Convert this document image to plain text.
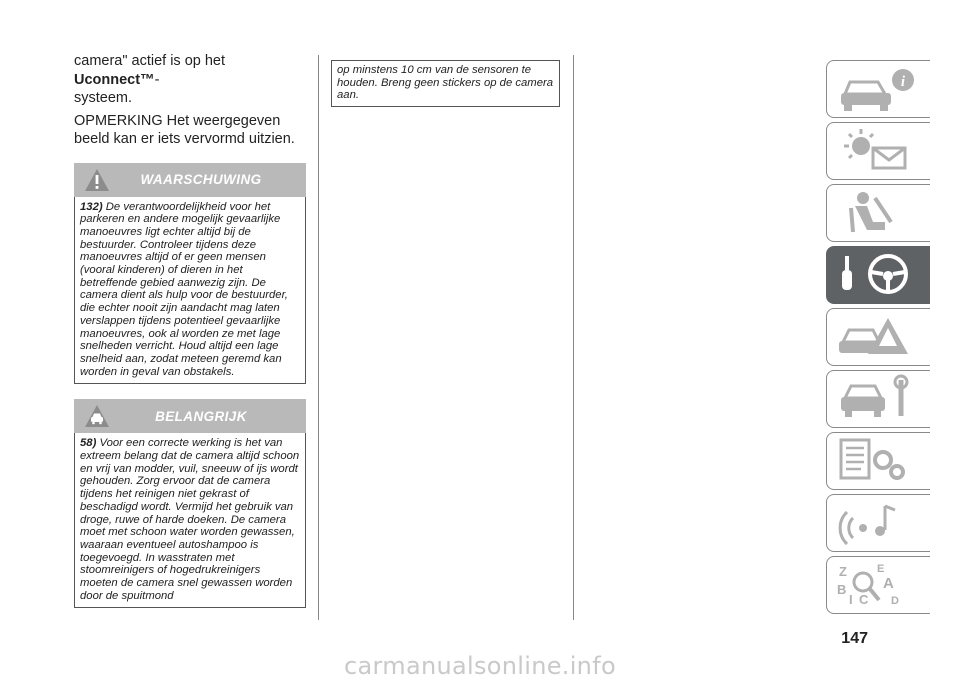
camera" actief is op het Uconnect™-
systeem.

OPMERKING Het weergegeven beeld kan er iets vervormd uitzien.

WAARSCHUWING
132) De verantwoordelijkheid voor het parkeren en andere mogelijk gevaarlijke manoeuvres ligt echter altijd bij de bestuurder. Controleer tijdens deze manoeuvres altijd of er geen mensen (vooral kinderen) of dieren in het betreffende gebied aanwezig zijn. De camera dient als hulp voor de bestuurder, die echter nooit zijn aandacht mag laten verslappen tijdens potentieel gevaarlijke manoeuvres, ook al worden ze met lage snelheden verricht. Houd altijd een lage snelheid aan, zodat meteen geremd kan worden in geval van obstakels.
BELANGRIJK
58) Voor een correcte werking is het van extreem belang dat de camera altijd schoon en vrij van modder, vuil, sneeuw of ijs wordt gehouden. Zorg ervoor dat de camera tijdens het reinigen niet gekrast of beschadigd wordt. Vermijd het gebruik van droge, ruwe of harde doeken. De camera moet met schoon water worden gewassen, waaraan eventueel autoshampoo is toegevoegd. In wasstraten met stoomreinigers of hogedrukreinigers moeten de camera snel gewassen worden door de spuitmond
op minstens 10 cm van de sensoren te houden. Breng geen stickers op de camera aan.
i
Z	E
A
B
C D
I
147
carmanualsonline.info
